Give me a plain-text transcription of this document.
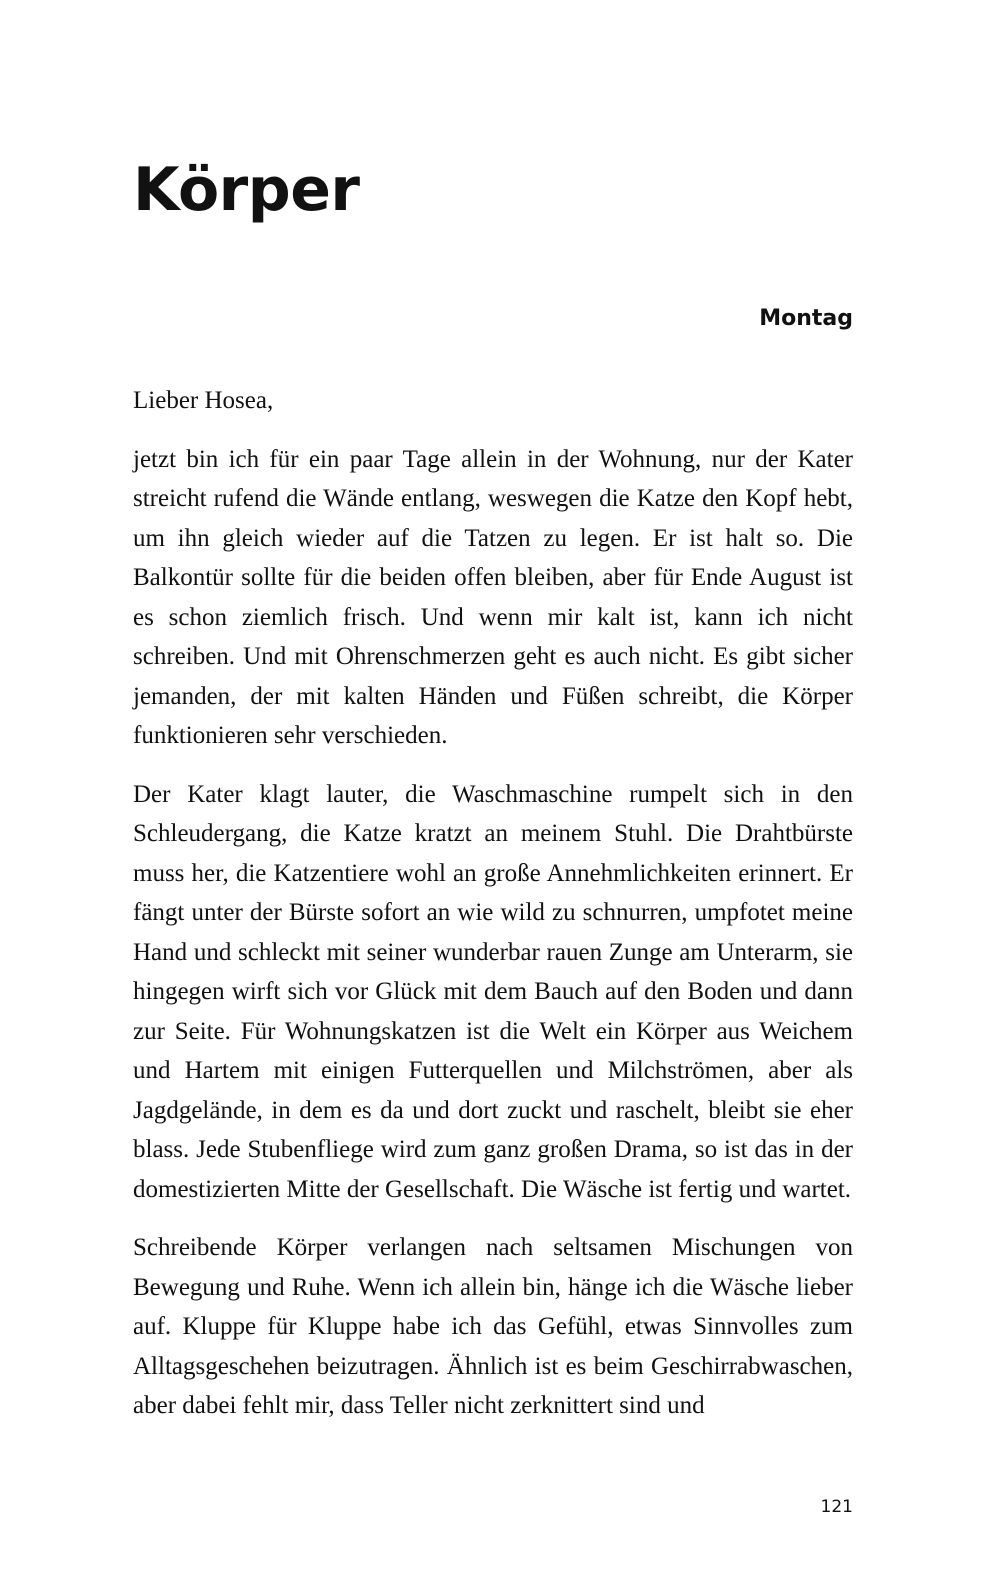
Körper

Montag

Lieber Hosea,

jetzt bin ich für ein paar Tage allein in der Wohnung, nur der Kater streicht rufend die Wände entlang, weswegen die Katze den Kopf hebt, um ihn gleich wieder auf die Tatzen zu legen. Er ist halt so. Die Balkontür sollte für die beiden offen bleiben, aber für Ende August ist es schon ziemlich frisch. Und wenn mir kalt ist, kann ich nicht schreiben. Und mit Ohrenschmerzen geht es auch nicht. Es gibt sicher jemanden, der mit kalten Händen und Füßen schreibt, die Körper funktionieren sehr verschieden.

Der Kater klagt lauter, die Waschmaschine rumpelt sich in den Schleudergang, die Katze kratzt an meinem Stuhl. Die Drahtbürste muss her, die Katzentiere wohl an große Annehmlichkeiten erinnert. Er fängt unter der Bürste sofort an wie wild zu schnurren, umpfotet meine Hand und schleckt mit seiner wunderbar rauen Zunge am Unterarm, sie hingegen wirft sich vor Glück mit dem Bauch auf den Boden und dann zur Seite. Für Wohnungskatzen ist die Welt ein Körper aus Weichem und Hartem mit einigen Futterquellen und Milchströmen, aber als Jagdgelände, in dem es da und dort zuckt und raschelt, bleibt sie eher blass. Jede Stubenfliege wird zum ganz großen Drama, so ist das in der domestizierten Mitte der Gesellschaft. Die Wäsche ist fertig und wartet.

Schreibende Körper verlangen nach seltsamen Mischungen von Bewegung und Ruhe. Wenn ich allein bin, hänge ich die Wäsche lieber auf. Kluppe für Kluppe habe ich das Gefühl, etwas Sinnvolles zum Alltagsgeschehen beizutragen. Ähnlich ist es beim Geschirrabwaschen, aber dabei fehlt mir, dass Teller nicht zerknittert sind und

121
